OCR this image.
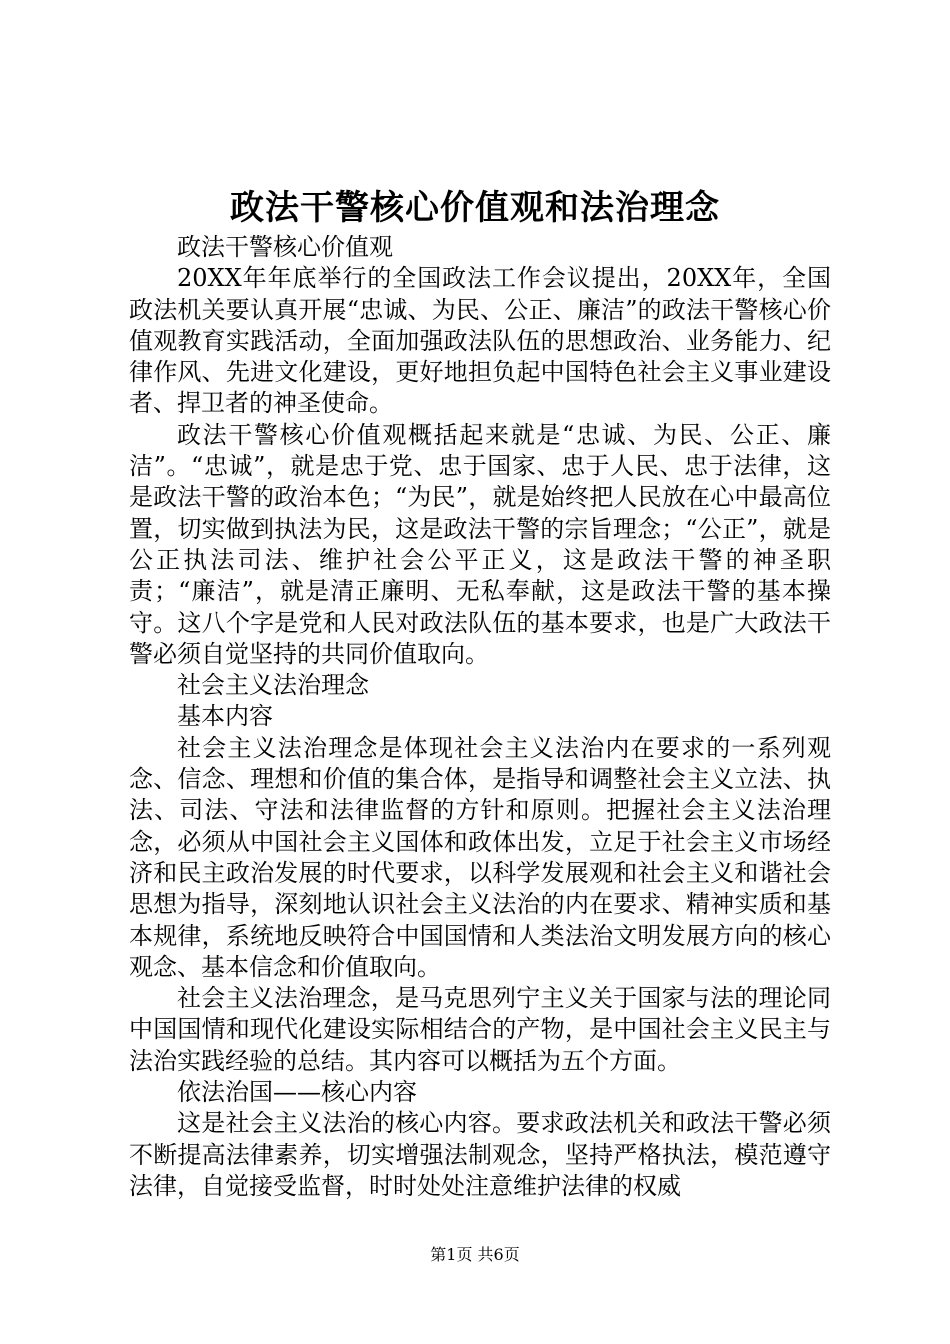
政法干警核心价值观和法治理念

政法干警核心价值观

20XX年年底举行的全国政法工作会议提出，20XX年，全国政法机关要认真开展“忠诚、为民、公正、廉洁”的政法干警核心价值观教育实践活动，全面加强政法队伍的思想政治、业务能力、纪律作风、先进文化建设，更好地担负起中国特色社会主义事业建设者、捍卫者的神圣使命。

政法干警核心价值观概括起来就是“忠诚、为民、公正、廉洁”。“忠诚”，就是忠于党、忠于国家、忠于人民、忠于法律，这是政法干警的政治本色；“为民”，就是始终把人民放在心中最高位置，切实做到执法为民，这是政法干警的宗旨理念；“公正”，就是公正执法司法、维护社会公平正义，这是政法干警的神圣职责；“廉洁”，就是清正廉明、无私奉献，这是政法干警的基本操守。这八个字是党和人民对政法队伍的基本要求，也是广大政法干警必须自觉坚持的共同价值取向。

社会主义法治理念

基本内容

社会主义法治理念是体现社会主义法治内在要求的一系列观念、信念、理想和价值的集合体，是指导和调整社会主义立法、执法、司法、守法和法律监督的方针和原则。把握社会主义法治理念，必须从中国社会主义国体和政体出发，立足于社会主义市场经济和民主政治发展的时代要求，以科学发展观和社会主义和谐社会思想为指导，深刻地认识社会主义法治的内在要求、精神实质和基本规律，系统地反映符合中国国情和人类法治文明发展方向的核心观念、基本信念和价值取向。

社会主义法治理念，是马克思列宁主义关于国家与法的理论同中国国情和现代化建设实际相结合的产物，是中国社会主义民主与法治实践经验的总结。其内容可以概括为五个方面。

依法治国——核心内容

这是社会主义法治的核心内容。要求政法机关和政法干警必须不断提高法律素养，切实增强法制观念，坚持严格执法，模范遵守法律，自觉接受监督，时时处处注意维护法律的权威

第1页 共6页
